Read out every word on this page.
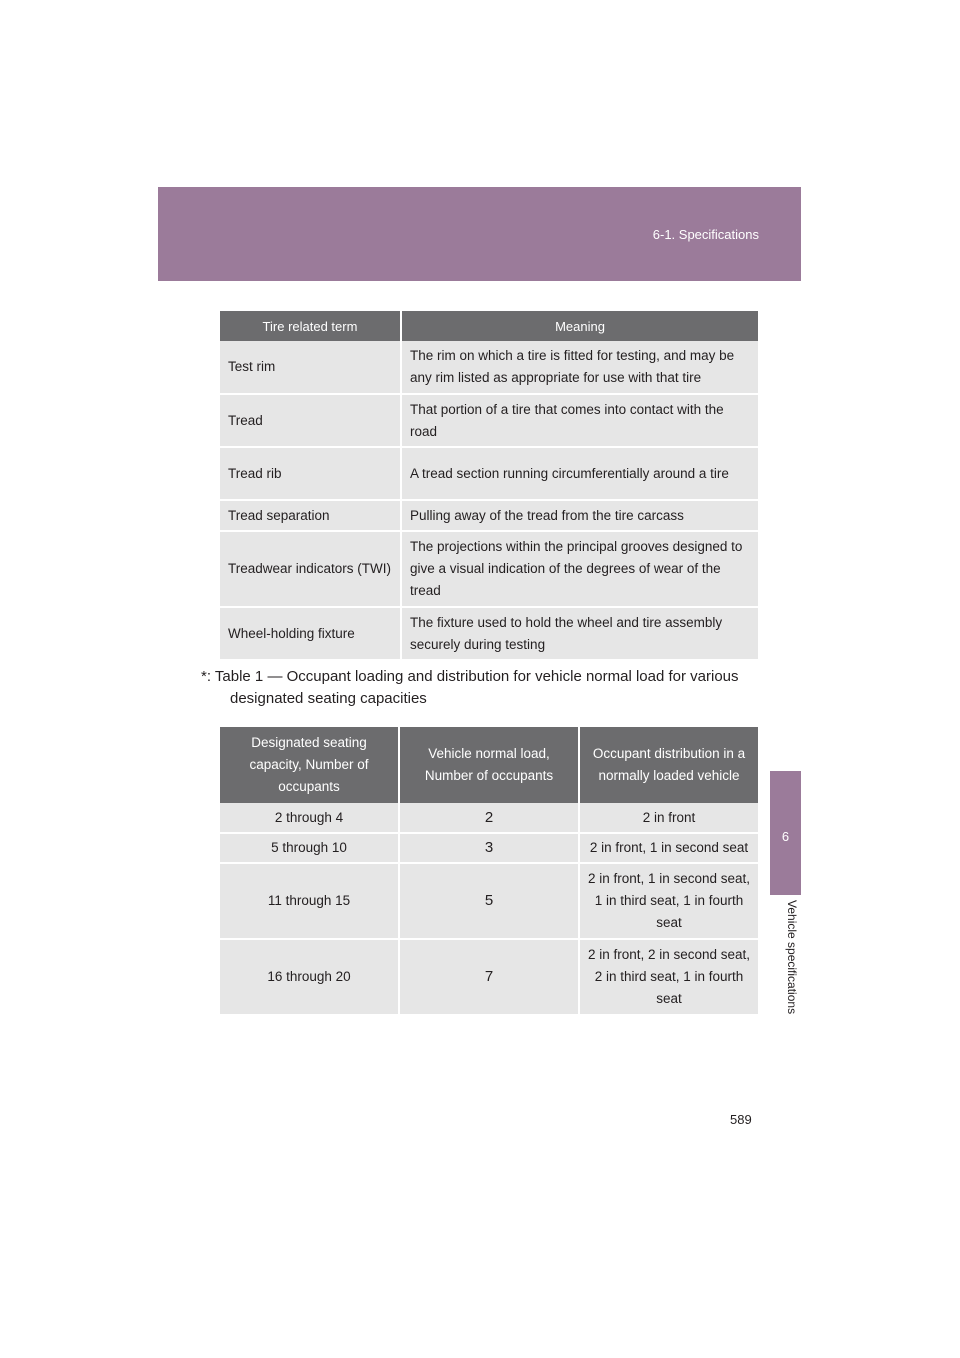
6-1. Specifications
6
Vehicle specifications
Tire related term	Meaning
Test rim	The rim on which a tire is fitted for testing, and may be any rim listed as appropriate for use with that tire
Tread	That portion of a tire that comes into contact with the road
Tread rib	A tread section running circumferentially around a tire
Tread separation	Pulling away of the tread from the tire carcass
Treadwear indicators (TWI)	The projections within the principal grooves designed to give a visual indication of the degrees of wear of the tread
Wheel-holding fixture	The fixture used to hold the wheel and tire assembly securely during testing
*: Table 1 — Occupant loading and distribution for vehicle normal load for various designated seating capacities
Designated seating capacity, Number of occupants	Vehicle normal load, Number of occupants	Occupant distribution in a normally loaded vehicle
2 through 4	2	2 in front
5 through 10	3	2 in front, 1 in second seat
11 through 15	5	2 in front, 1 in second seat, 1 in third seat, 1 in fourth seat
16 through 20	7	2 in front, 2 in second seat, 2 in third seat, 1 in fourth seat
589
